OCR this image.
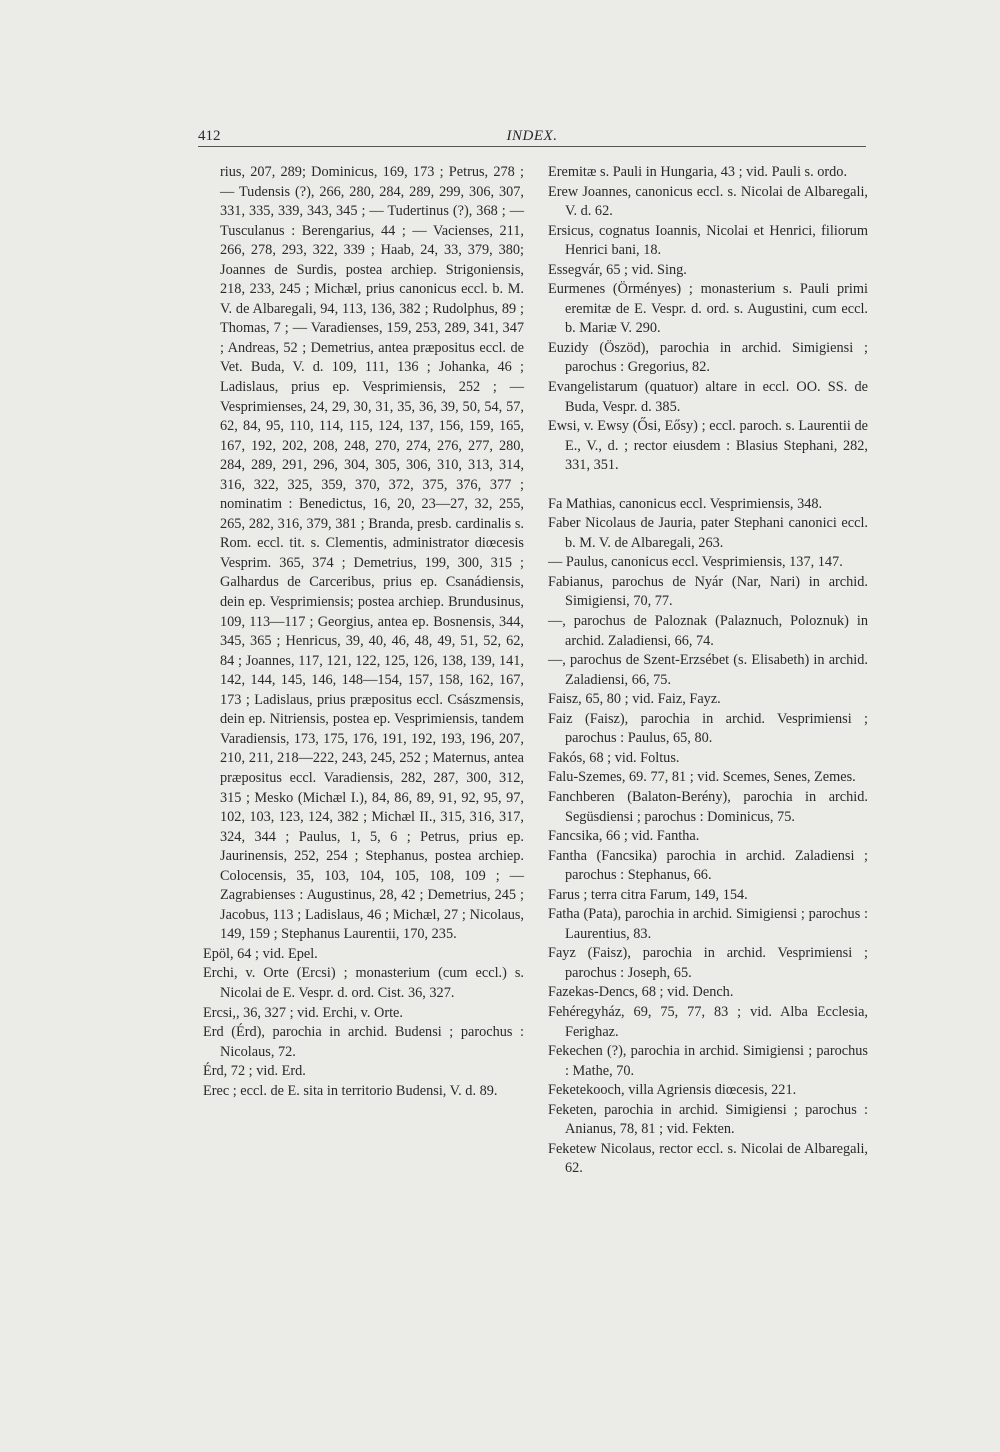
412	INDEX.

rius, 207, 289; Dominicus, 169, 173 ; Petrus, 278 ; — Tudensis (?), 266, 280, 284, 289, 299, 306, 307, 331, 335, 339, 343, 345 ; — Tudertinus (?), 368 ; — Tusculanus : Berengarius, 44 ; — Vacienses, 211, 266, 278, 293, 322, 339 ; Haab, 24, 33, 379, 380; Joannes de Surdis, postea archiep. Strigoniensis, 218, 233, 245 ; Michæl, prius canonicus eccl. b. M. V. de Albaregali, 94, 113, 136, 382 ; Rudolphus, 89 ; Thomas, 7 ; — Varadienses, 159, 253, 289, 341, 347 ; Andreas, 52 ; Demetrius, antea præpositus eccl. de Vet. Buda, V. d. 109, 111, 136 ; Johanka, 46 ; Ladislaus, prius ep. Vesprimiensis, 252 ; — Vesprimienses, 24, 29, 30, 31, 35, 36, 39, 50, 54, 57, 62, 84, 95, 110, 114, 115, 124, 137, 156, 159, 165, 167, 192, 202, 208, 248, 270, 274, 276, 277, 280, 284, 289, 291, 296, 304, 305, 306, 310, 313, 314, 316, 322, 325, 359, 370, 372, 375, 376, 377 ; nominatim : Benedictus, 16, 20, 23—27, 32, 255, 265, 282, 316, 379, 381 ; Branda, presb. cardinalis s. Rom. eccl. tit. s. Clementis, administrator diœcesis Vesprim. 365, 374 ; Demetrius, 199, 300, 315 ; Galhardus de Carceribus, prius ep. Csanádiensis, dein ep. Vesprimiensis; postea archiep. Brundusinus, 109, 113—117 ; Georgius, antea ep. Bosnensis, 344, 345, 365 ; Henricus, 39, 40, 46, 48, 49, 51, 52, 62, 84 ; Joannes, 117, 121, 122, 125, 126, 138, 139, 141, 142, 144, 145, 146, 148—154, 157, 158, 162, 167, 173 ; Ladislaus, prius præpositus eccl. Császmensis, dein ep. Nitriensis, postea ep. Vesprimiensis, tandem Varadiensis, 173, 175, 176, 191, 192, 193, 196, 207, 210, 211, 218—222, 243, 245, 252 ; Maternus, antea præpositus eccl. Varadiensis, 282, 287, 300, 312, 315 ; Mesko (Michæl I.), 84, 86, 89, 91, 92, 95, 97, 102, 103, 123, 124, 382 ; Michæl II., 315, 316, 317, 324, 344 ; Paulus, 1, 5, 6 ; Petrus, prius ep. Jaurinensis, 252, 254 ; Stephanus, postea archiep. Colocensis, 35, 103, 104, 105, 108, 109 ; — Zagrabienses : Augustinus, 28, 42 ; Demetrius, 245 ; Jacobus, 113 ; Ladislaus, 46 ; Michæl, 27 ; Nicolaus, 149, 159 ; Stephanus Laurentii, 170, 235.

Epöl, 64 ; vid. Epel.

Erchi, v. Orte (Ercsi) ; monasterium (cum eccl.) s. Nicolai de E. Vespr. d. ord. Cist. 36, 327.

Ercsi,, 36, 327 ; vid. Erchi, v. Orte.

Erd (Érd), parochia in archid. Budensi ; parochus : Nicolaus, 72.

Érd, 72 ; vid. Erd.

Erec ; eccl. de E. sita in territorio Budensi, V. d. 89.

Eremitæ s. Pauli in Hungaria, 43 ; vid. Pauli s. ordo.

Erew Joannes, canonicus eccl. s. Nicolai de Albaregali, V. d. 62.

Ersicus, cognatus Ioannis, Nicolai et Henrici, filiorum Henrici bani, 18.

Essegvár, 65 ; vid. Sing.

Eurmenes (Örményes) ; monasterium s. Pauli primi eremitæ de E. Vespr. d. ord. s. Augustini, cum eccl. b. Mariæ V. 290.

Euzidy (Öszöd), parochia in archid. Simigiensi ; parochus : Gregorius, 82.

Evangelistarum (quatuor) altare in eccl. OO. SS. de Buda, Vespr. d. 385.

Ewsi, v. Ewsy (Ősi, Eősy) ; eccl. paroch. s. Laurentii de E., V., d. ; rector eiusdem : Blasius Stephani, 282, 331, 351.

Fa Mathias, canonicus eccl. Vesprimiensis, 348.

Faber Nicolaus de Jauria, pater Stephani canonici eccl. b. M. V. de Albaregali, 263.

— Paulus, canonicus eccl. Vesprimiensis, 137, 147.

Fabianus, parochus de Nyár (Nar, Nari) in archid. Simigiensi, 70, 77.

—, parochus de Paloznak (Palaznuch, Poloznuk) in archid. Zaladiensi, 66, 74.

—, parochus de Szent-Erzsébet (s. Elisabeth) in archid. Zaladiensi, 66, 75.

Faisz, 65, 80 ; vid. Faiz, Fayz.

Faiz (Faisz), parochia in archid. Vesprimiensi ; parochus : Paulus, 65, 80.

Fakós, 68 ; vid. Foltus.

Falu-Szemes, 69. 77, 81 ; vid. Scemes, Senes, Zemes.

Fanchberen (Balaton-Berény), parochia in archid. Següsdiensi ; parochus : Dominicus, 75.

Fancsika, 66 ; vid. Fantha.

Fantha (Fancsika) parochia in archid. Zaladiensi ; parochus : Stephanus, 66.

Farus ; terra citra Farum, 149, 154.

Fatha (Pata), parochia in archid. Simigiensi ; parochus : Laurentius, 83.

Fayz (Faisz), parochia in archid. Vesprimiensi ; parochus : Joseph, 65.

Fazekas-Dencs, 68 ; vid. Dench.

Fehéregyház, 69, 75, 77, 83 ; vid. Alba Ecclesia, Ferighaz.

Fekechen (?), parochia in archid. Simigiensi ; parochus : Mathe, 70.

Feketekooch, villa Agriensis diœcesis, 221.

Feketen, parochia in archid. Simigiensi ; parochus : Anianus, 78, 81 ; vid. Fekten.

Feketew Nicolaus, rector eccl. s. Nicolai de Albaregali, 62.
